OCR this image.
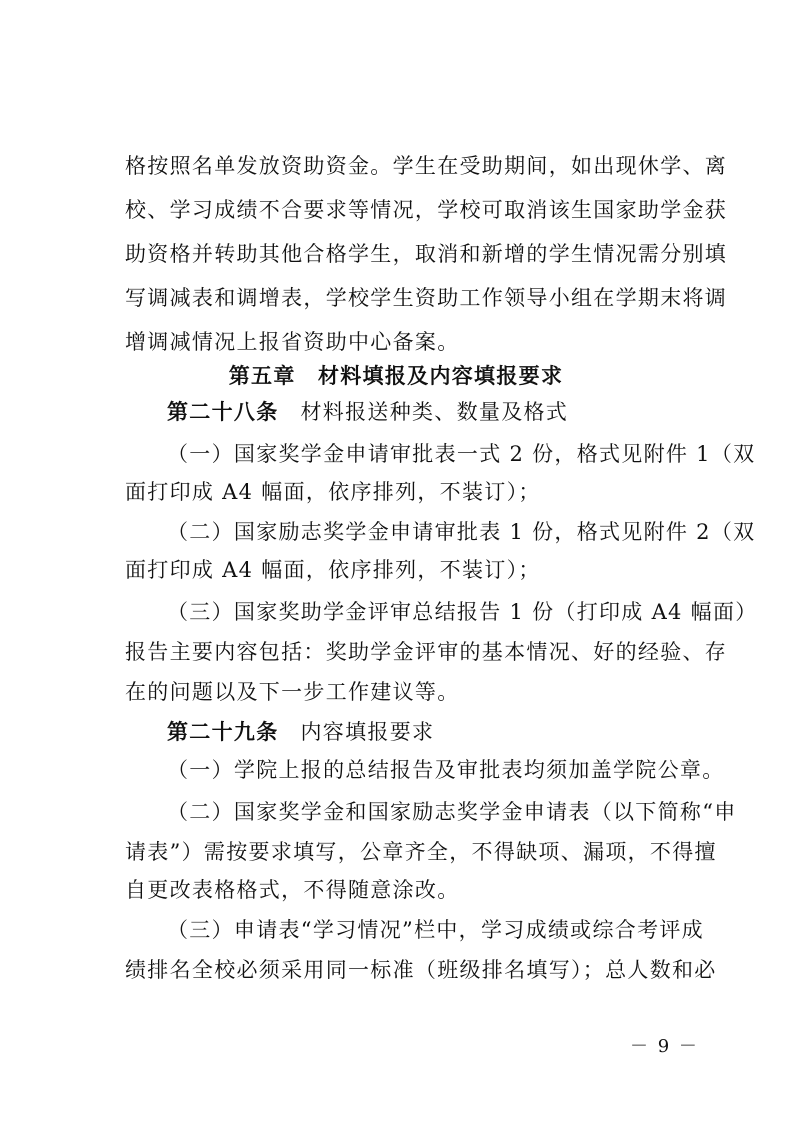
格按照名单发放资助资金。学生在受助期间，如出现休学、离
校、学习成绩不合要求等情况，学校可取消该生国家助学金获
助资格并转助其他合格学生，取消和新增的学生情况需分别填
写调减表和调增表，学校学生资助工作领导小组在学期末将调
增调减情况上报省资助中心备案。
第五章　材料填报及内容填报要求
第二十八条 材料报送种类、数量及格式
（一）国家奖学金申请审批表一式 2 份，格式见附件 1（双
面打印成 A4 幅面，依序排列，不装订）；
（二）国家励志奖学金申请审批表 1 份，格式见附件 2（双
面打印成 A4 幅面，依序排列，不装订）；
（三）国家奖助学金评审总结报告 1 份（打印成 A4 幅面）
报告主要内容包括：奖助学金评审的基本情况、好的经验、存
在的问题以及下一步工作建议等。
第二十九条 内容填报要求
（一）学院上报的总结报告及审批表均须加盖学院公章。
（二）国家奖学金和国家励志奖学金申请表（以下简称“申
请表”）需按要求填写，公章齐全，不得缺项、漏项，不得擅
自更改表格格式，不得随意涂改。
（三）申请表“学习情况”栏中，学习成绩或综合考评成
绩排名全校必须采用同一标准（班级排名填写）；总人数和必
－ 9 －
